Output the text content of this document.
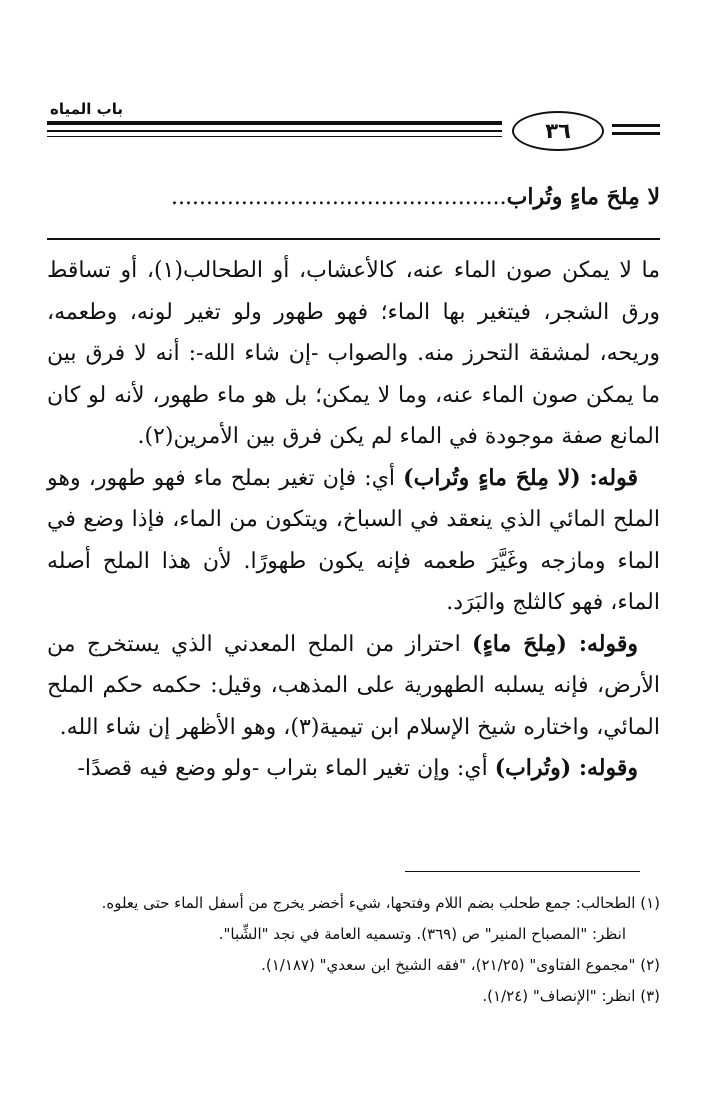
باب المياه
٣٦
لا مِلحَ ماءٍ وتُراب................................................

ما لا يمكن صون الماء عنه، كالأعشاب، أو الطحالب(١)، أو تساقط ورق الشجر، فيتغير بها الماء؛ فهو طهور ولو تغير لونه، وطعمه، وريحه، لمشقة التحرز منه. والصواب -إن شاء الله-: أنه لا فرق بين ما يمكن صون الماء عنه، وما لا يمكن؛ بل هو ماء طهور، لأنه لو كان المانع صفة موجودة في الماء لم يكن فرق بين الأمرين(٢).

قوله: (لا مِلحَ ماءٍ وتُراب) أي: فإن تغير بملح ماء فهو طهور، وهو الملح المائي الذي ينعقد في السباخ، ويتكون من الماء، فإذا وضع في الماء ومازجه وغَيَّرَ طعمه فإنه يكون طهورًا. لأن هذا الملح أصله الماء، فهو كالثلج والبَرَد.

وقوله: (مِلحَ ماءٍ) احتراز من الملح المعدني الذي يستخرج من الأرض، فإنه يسلبه الطهورية على المذهب، وقيل: حكمه حكم الملح المائي، واختاره شيخ الإسلام ابن تيمية(٣)، وهو الأظهر إن شاء الله.

وقوله: (وتُراب) أي: وإن تغير الماء بتراب -ولو وضع فيه قصدًا-

(١) الطحالب: جمع طحلب بضم اللام وفتحها، شيء أخضر يخرج من أسفل الماء حتى يعلوه.

انظر: "المصباح المنير" ص (٣٦٩). وتسميه العامة في نجد "الشِّبا".

(٢) "مجموع الفتاوى" (٢١/٢٥)، "فقه الشيخ ابن سعدي" (١/١٨٧).

(٣) انظر: "الإنصاف" (١/٢٤).
